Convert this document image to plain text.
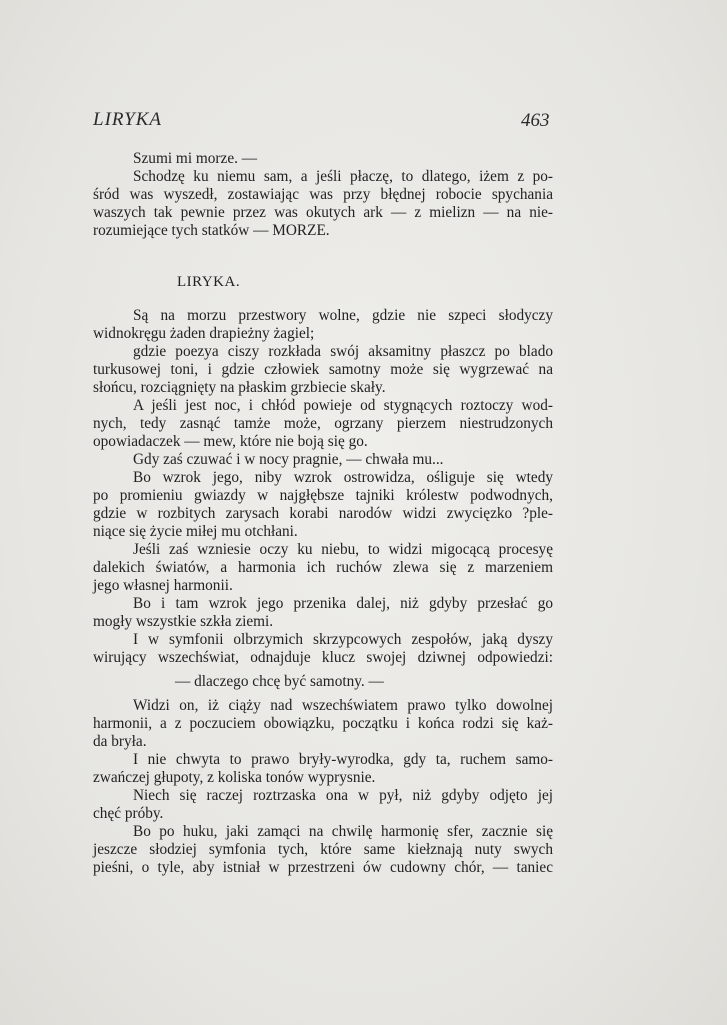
LIRYKA	463
Szumi mi morze. —
Schodzę ku niemu sam, a jeśli płaczę, to dlatego, iżem z po-
śród was wyszedł, zostawiając was przy błędnej robocie spychania
waszych tak pewnie przez was okutych ark — z mielizn — na nie-
rozumiejące tych statków — MORZE.
LIRYKA.
Są na morzu przestwory wolne, gdzie nie szpeci słodyczy
widnokręgu żaden drapieżny żagiel;
gdzie poezya ciszy rozkłada swój aksamitny płaszcz po blado
turkusowej toni, i gdzie człowiek samotny może się wygrzewać na
słońcu, rozciągnięty na płaskim grzbiecie skały.
A jeśli jest noc, i chłód powieje od stygnących roztoczy wod-
nych, tedy zasnąć tamże może, ogrzany pierzem niestrudzonych
opowiadaczek — mew, które nie boją się go.
Gdy zaś czuwać i w nocy pragnie, — chwała mu...
Bo wzrok jego, niby wzrok ostrowidza, ośliguje się wtedy
po promieniu gwiazdy w najgłębsze tajniki królestw podwodnych,
gdzie w rozbitych zarysach korabi narodów widzi zwycięzko ?ple-
niące się życie miłej mu otchłani.
Jeśli zaś wzniesie oczy ku niebu, to widzi migocącą procesyę
dalekich światów, a harmonia ich ruchów zlewa się z marzeniem
jego własnej harmonii.
Bo i tam wzrok jego przenika dalej, niż gdyby przesłać go
mogły wszystkie szkła ziemi.
I w symfonii olbrzymich skrzypcowych zespołów, jaką dyszy
wirujący wszechświat, odnajduje klucz swojej dziwnej odpowiedzi:
— dlaczego chcę być samotny. —
Widzi on, iż ciąży nad wszechświatem prawo tylko dowolnej
harmonii, a z poczuciem obowiązku, początku i końca rodzi się każ-
da bryła.
I nie chwyta to prawo bryły-wyrodka, gdy ta, ruchem samo-
zwańczej głupoty, z koliska tonów wyprysnie.
Niech się raczej roztrzaska ona w pył, niż gdyby odjęto jej
chęć próby.
Bo po huku, jaki zamąci na chwilę harmonię sfer, zacznie się
jeszcze słodziej symfonia tych, które same kiełznają nuty swych
pieśni, o tyle, aby istniał w przestrzeni ów cudowny chór, — taniec
